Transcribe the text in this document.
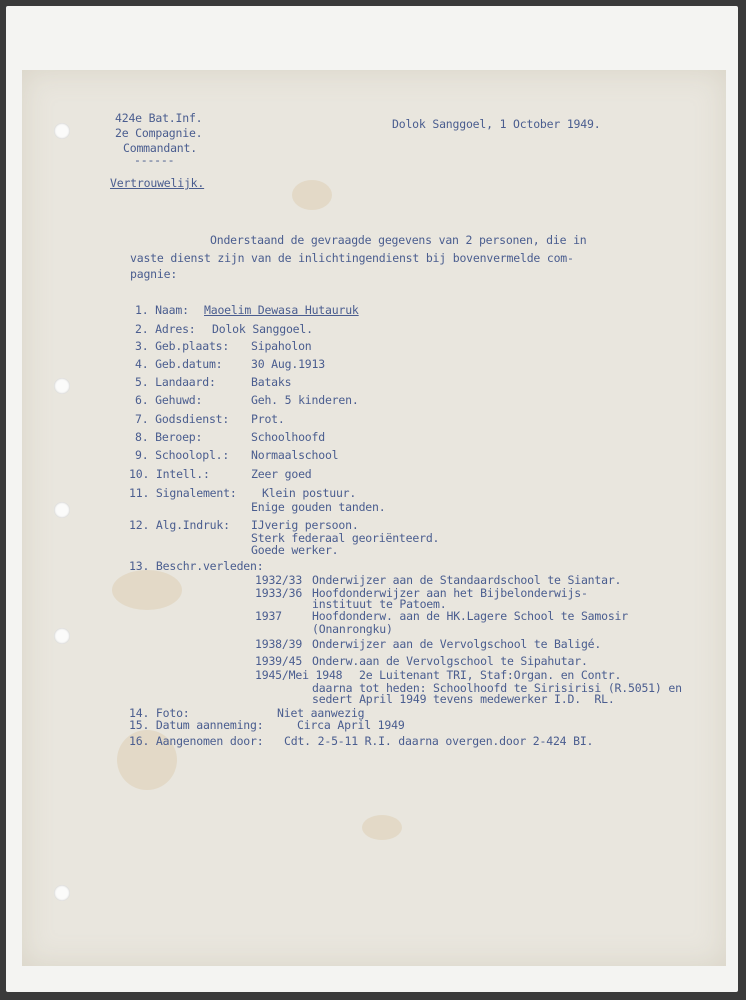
424e Bat.Inf.
2e Compagnie.
Commandant.
------
Dolok Sanggoel, 1 October 1949.
Vertrouwelijk.
Onderstaand de gevraagde gegevens van 2 personen, die in
vaste dienst zijn van de inlichtingendienst bij bovenvermelde com-
pagnie:
1. Naam: Maoelim Dewasa Hutauruk
2. Adres: Dolok Sanggoel.
3. Geb.plaats: Sipaholon
4. Geb.datum: 30 Aug.1913
5. Landaard:	Bataks
6. Gehuwd:	Geh. 5 kinderen.
7. Godsdienst: Prot.
8. Beroep:	Schoolhoofd
9. Schoolopl.: Normaalschool
10. Intell.:	Zeer goed
11. Signalement: Klein postuur.
Enige gouden tanden.
12. Alg.Indruk: IJverig persoon.
Sterk federaal georiënteerd.
Goede werker.
13. Beschr.verleden:
1932/33 Onderwijzer aan de Standaardschool te Siantar.
1933/36 Hoofdonderwijzer aan het Bijbelonderwijs-
instituut te Patoem.
1937	Hoofdonderw. aan de HK.Lagere School te Samosir
(Onanrongku)
1938/39 Onderwijzer aan de Vervolgschool te Baligé.
1939/45 Onderw.aan de Vervolgschool te Sipahutar.
1945/Mei 1948 2e Luitenant TRI, Staf:Organ. en Contr.
daarna tot heden: Schoolhoofd te Sirisirisi (R.5051) en
sedert April 1949 tevens medewerker I.D.  RL.
14. Foto:	Niet aanwezig
15. Datum aanneming:	Circa April 1949
16. Aangenomen door: Cdt. 2-5-11 R.I. daarna overgen.door 2-424 BI.
